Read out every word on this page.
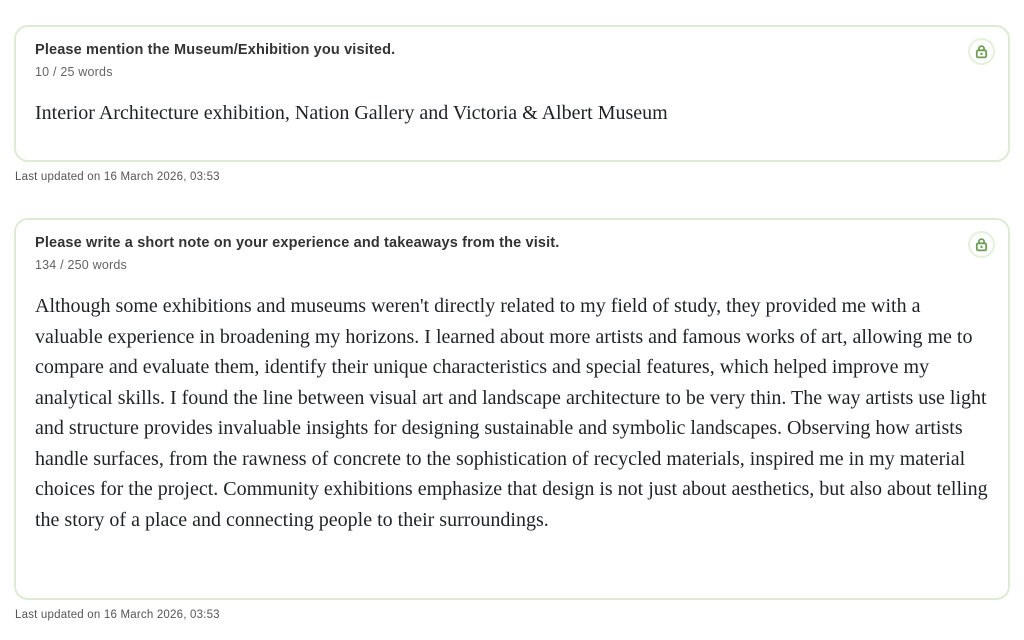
Please mention the Museum/Exhibition you visited.
10 / 25 words
Interior Architecture exhibition, Nation Gallery and Victoria & Albert Museum
Last updated on 16 March 2026, 03:53
Please write a short note on your experience and takeaways from the visit.
134 / 250 words
Although some exhibitions and museums weren't directly related to my field of study, they provided me with a valuable experience in broadening my horizons. I learned about more artists and famous works of art, allowing me to compare and evaluate them, identify their unique characteristics and special features, which helped improve my analytical skills. I found the line between visual art and landscape architecture to be very thin. The way artists use light and structure provides invaluable insights for designing sustainable and symbolic landscapes. Observing how artists handle surfaces, from the rawness of concrete to the sophistication of recycled materials, inspired me in my material choices for the project. Community exhibitions emphasize that design is not just about aesthetics, but also about telling the story of a place and connecting people to their surroundings.
Last updated on 16 March 2026, 03:53
